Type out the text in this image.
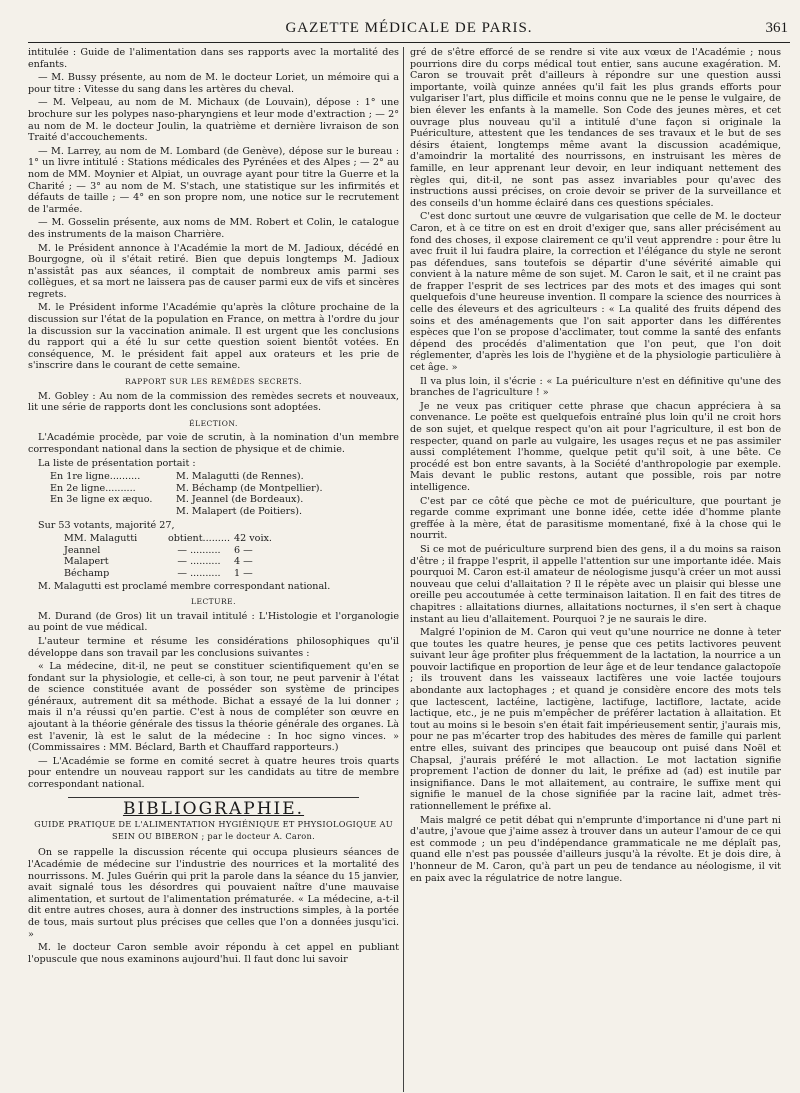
GAZETTE MÉDICALE DE PARIS.	361

intitulée : Guide de l'alimentation dans ses rapports avec la mortalité des enfants.

— M. Bussy présente, au nom de M. le docteur Loriet, un mémoire qui a pour titre : Vitesse du sang dans les artères du cheval.

— M. Velpeau, au nom de M. Michaux (de Louvain), dépose : 1° une brochure sur les polypes naso-pharyngiens et leur mode d'extraction ; — 2° au nom de M. le docteur Joulin, la quatrième et dernière livraison de son Traité d'accouchements.

— M. Larrey, au nom de M. Lombard (de Genève), dépose sur le bureau : 1° un livre intitulé : Stations médicales des Pyrénées et des Alpes ; — 2° au nom de MM. Moynier et Alpiat, un ouvrage ayant pour titre la Guerre et la Charité ; — 3° au nom de M. S'stach, une statistique sur les infirmités et défauts de taille ; — 4° en son propre nom, une notice sur le recrutement de l'armée.

— M. Gosselin présente, aux noms de MM. Robert et Colin, le catalogue des instruments de la maison Charrière.

M. le Président annonce à l'Académie la mort de M. Jadioux, décédé en Bourgogne, où il s'était retiré. Bien que depuis longtemps M. Jadioux n'assistât pas aux séances, il comptait de nombreux amis parmi ses collègues, et sa mort ne laissera pas de causer parmi eux de vifs et sincères regrets.

M. le Président informe l'Académie qu'après la clôture prochaine de la discussion sur l'état de la population en France, on mettra à l'ordre du jour la discussion sur la vaccination animale. Il est urgent que les conclusions du rapport qui a été lu sur cette question soient bientôt votées. En conséquence, M. le président fait appel aux orateurs et les prie de s'inscrire dans le courant de cette semaine.

RAPPORT SUR LES REMÈDES SECRETS.

M. Gobley : Au nom de la commission des remèdes secrets et nouveaux, lit une série de rapports dont les conclusions sont adoptées.

ÉLECTION.

L'Académie procède, par voie de scrutin, à la nomination d'un membre correspondant national dans la section de physique et de chimie.

La liste de présentation portait :

En 1re ligne..........	M. Malagutti (de Rennes).
En 2e ligne..........	M. Béchamp (de Montpellier).
En 3e ligne ex æquo.	M. Jeannel (de Bordeaux).
M. Malapert (de Poitiers).

Sur 53 votants, majorité 27,

MM. Malagutti	obtient......... 42 voix.
Jeannel	— ..........	6 —
Malapert	— ..........	4 —
Béchamp	— ..........	1 —

M. Malagutti est proclamé membre correspondant national.

LECTURE.

M. Durand (de Gros) lit un travail intitulé : L'Histologie et l'organologie au point de vue médical.

L'auteur termine et résume les considérations philosophiques qu'il développe dans son travail par les conclusions suivantes :

« La médecine, dit-il, ne peut se constituer scientifiquement qu'en se fondant sur la physiologie, et celle-ci, à son tour, ne peut parvenir à l'état de science constituée avant de posséder son système de principes généraux, autrement dit sa méthode. Bichat a essayé de la lui donner ; mais il n'a réussi qu'en partie. C'est à nous de compléter son œuvre en ajoutant à la théorie générale des tissus la théorie générale des organes. Là est l'avenir, là est le salut de la médecine : In hoc signo vinces. » (Commissaires : MM. Béclard, Barth et Chauffard rapporteurs.)

— L'Académie se forme en comité secret à quatre heures trois quarts pour entendre un nouveau rapport sur les candidats au titre de membre correspondant national.

BIBLIOGRAPHIE.
GUIDE PRATIQUE DE L'ALIMENTATION HYGIÉNIQUE ET PHYSIOLOGIQUE AU SEIN OU BIBERON ; par le docteur A. Caron.

On se rappelle la discussion récente qui occupa plusieurs séances de l'Académie de médecine sur l'industrie des nourrices et la mortalité des nourrissons. M. Jules Guérin qui prit la parole dans la séance du 15 janvier, avait signalé tous les désordres qui pouvaient naître d'une mauvaise alimentation, et surtout de l'alimentation prématurée. « La médecine, a-t-il dit entre autres choses, aura à donner des instructions simples, à la portée de tous, mais surtout plus précises que celles que l'on a données jusqu'ici. »

M. le docteur Caron semble avoir répondu à cet appel en publiant l'opuscule que nous examinons aujourd'hui. Il faut donc lui savoir

gré de s'être efforcé de se rendre si vite aux vœux de l'Académie ; nous pourrions dire du corps médical tout entier, sans aucune exagération. M. Caron se trouvait prêt d'ailleurs à répondre sur une question aussi importante, voilà quinze années qu'il fait les plus grands efforts pour vulgariser l'art, plus difficile et moins connu que ne le pense le vulgaire, de bien élever les enfants à la mamelle. Son Code des jeunes mères, et cet ouvrage plus nouveau qu'il a intitulé d'une façon si originale la Puériculture, attestent que les tendances de ses travaux et le but de ses désirs étaient, longtemps même avant la discussion académique, d'amoindrir la mortalité des nourrissons, en instruisant les mères de famille, en leur apprenant leur devoir, en leur indiquant nettement des règles qui, dit-il, ne sont pas assez invariables pour qu'avec des instructions aussi précises, on croie devoir se priver de la surveillance et des conseils d'un homme éclairé dans ces questions spéciales.

C'est donc surtout une œuvre de vulgarisation que celle de M. le docteur Caron, et à ce titre on est en droit d'exiger que, sans aller précisément au fond des choses, il expose clairement ce qu'il veut apprendre : pour être lu avec fruit il lui faudra plaire, la correction et l'élégance du style ne seront pas défendues, sans toutefois se départir d'une sévérité aimable qui convient à la nature même de son sujet. M. Caron le sait, et il ne craint pas de frapper l'esprit de ses lectrices par des mots et des images qui sont quelquefois d'une heureuse invention. Il compare la science des nourrices à celle des éleveurs et des agriculteurs : « La qualité des fruits dépend des soins et des aménagements que l'on sait apporter dans les différentes espèces que l'on se propose d'acclimater, tout comme la santé des enfants dépend des procédés d'alimentation que l'on peut, que l'on doit réglementer, d'après les lois de l'hygiène et de la physiologie particulière à cet âge. »

Il va plus loin, il s'écrie : « La puériculture n'est en définitive qu'une des branches de l'agriculture ! »

Je ne veux pas critiquer cette phrase que chacun appréciera à sa convenance. Le poëte est quelquefois entraîné plus loin qu'il ne croit hors de son sujet, et quelque respect qu'on ait pour l'agriculture, il est bon de respecter, quand on parle au vulgaire, les usages reçus et ne pas assimiler aussi complétement l'homme, quelque petit qu'il soit, à une bête. Ce procédé est bon entre savants, à la Société d'anthropologie par exemple. Mais devant le public restons, autant que possible, rois par notre intelligence.

C'est par ce côté que pèche ce mot de puériculture, que pourtant je regarde comme exprimant une bonne idée, cette idée d'homme plante greffée à la mère, état de parasitisme momentané, fixé à la chose qui le nourrit.

Si ce mot de puériculture surprend bien des gens, il a du moins sa raison d'être ; il frappe l'esprit, il appelle l'attention sur une importante idée. Mais pourquoi M. Caron est-il amateur de néologisme jusqu'à créer un mot aussi nouveau que celui d'allaitation ? Il le répète avec un plaisir qui blesse une oreille peu accoutumée à cette terminaison laitation. Il en fait des titres de chapitres : allaitations diurnes, allaitations nocturnes, il s'en sert à chaque instant au lieu d'allaitement. Pourquoi ? je ne saurais le dire.

Malgré l'opinion de M. Caron qui veut qu'une nourrice ne donne à teter que toutes les quatre heures, je pense que ces petits lactivores peuvent suivant leur âge profiter plus fréquemment de la lactation, la nourrice a un pouvoir lactifique en proportion de leur âge et de leur tendance galactopoïe ; ils trouvent dans les vaisseaux lactifères une voie lactée toujours abondante aux lactophages ; et quand je considère encore des mots tels que lactescent, lactéine, lactigène, lactifuge, lactiflore, lactate, acide lactique, etc., je ne puis m'empêcher de préférer lactation à allaitation. Et tout au moins si le besoin s'en était fait impérieusement sentir, j'aurais mis, pour ne pas m'écarter trop des habitudes des mères de famille qui parlent entre elles, suivant des principes que beaucoup ont puisé dans Noël et Chapsal, j'aurais préféré le mot allaction. Le mot lactation signifie proprement l'action de donner du lait, le préfixe ad (ad) est inutile par insignifiance. Dans le mot allaitement, au contraire, le suffixe ment qui signifie le manuel de la chose signifiée par la racine lait, admet très-rationnellement le préfixe al.

Mais malgré ce petit débat qui n'emprunte d'importance ni d'une part ni d'autre, j'avoue que j'aime assez à trouver dans un auteur l'amour de ce qui est commode ; un peu d'indépendance grammaticale ne me déplaît pas, quand elle n'est pas poussée d'ailleurs jusqu'à la révolte. Et je dois dire, à l'honneur de M. Caron, qu'à part un peu de tendance au néologisme, il vit en paix avec la régulatrice de notre langue.
